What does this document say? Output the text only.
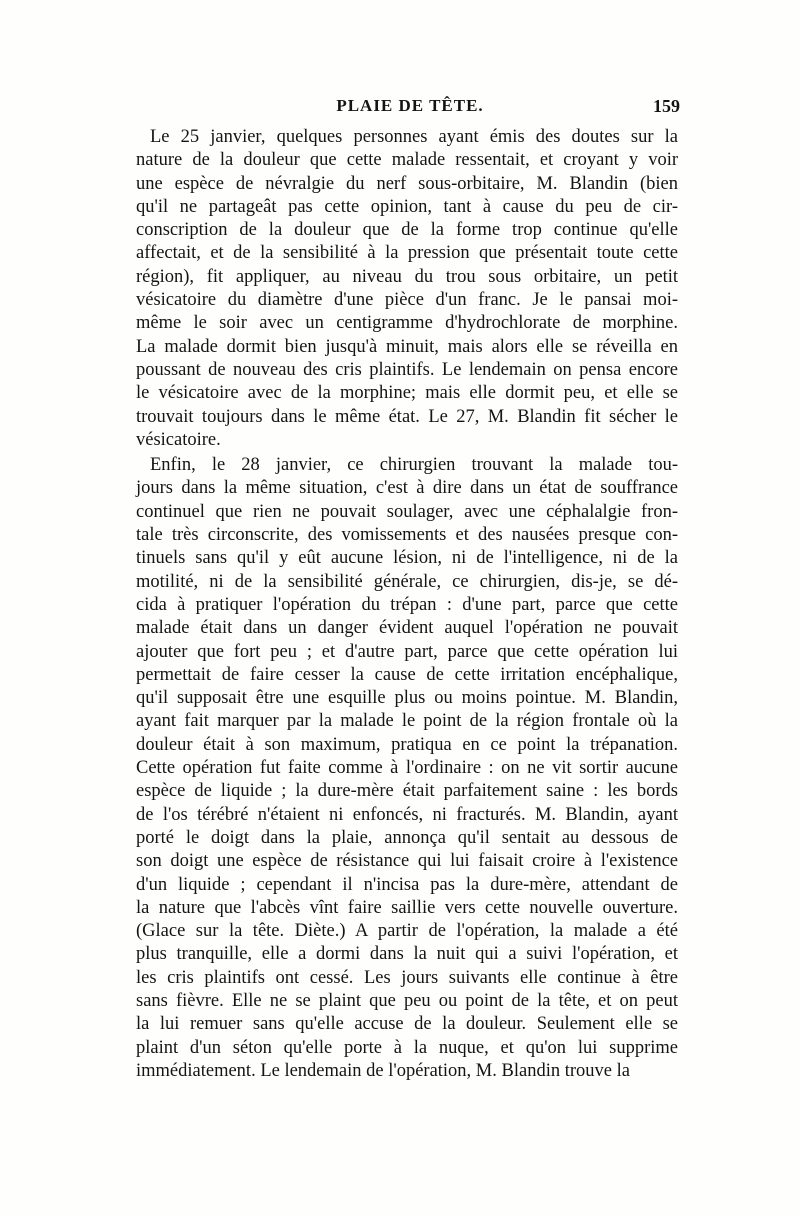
PLAIE DE TÊTE.	159
Le 25 janvier, quelques personnes ayant émis des doutes sur la
nature de la douleur que cette malade ressentait, et croyant y voir
une espèce de névralgie du nerf sous-orbitaire, M. Blandin (bien
qu'il ne partageât pas cette opinion, tant à cause du peu de cir-
conscription de la douleur que de la forme trop continue qu'elle
affectait, et de la sensibilité à la pression que présentait toute cette
région), fit appliquer, au niveau du trou sous orbitaire, un petit
vésicatoire du diamètre d'une pièce d'un franc. Je le pansai moi-
même le soir avec un centigramme d'hydrochlorate de morphine.
La malade dormit bien jusqu'à minuit, mais alors elle se réveilla en
poussant de nouveau des cris plaintifs. Le lendemain on pensa encore
le vésicatoire avec de la morphine; mais elle dormit peu, et elle se
trouvait toujours dans le même état. Le 27, M. Blandin fit sécher le
vésicatoire.
Enfin, le 28 janvier, ce chirurgien trouvant la malade tou-
jours dans la même situation, c'est à dire dans un état de souffrance
continuel que rien ne pouvait soulager, avec une céphalalgie fron-
tale très circonscrite, des vomissements et des nausées presque con-
tinuels sans qu'il y eût aucune lésion, ni de l'intelligence, ni de la
motilité, ni de la sensibilité générale, ce chirurgien, dis-je, se dé-
cida à pratiquer l'opération du trépan : d'une part, parce que cette
malade était dans un danger évident auquel l'opération ne pouvait
ajouter que fort peu ; et d'autre part, parce que cette opération lui
permettait de faire cesser la cause de cette irritation encéphalique,
qu'il supposait être une esquille plus ou moins pointue. M. Blandin,
ayant fait marquer par la malade le point de la région frontale où la
douleur était à son maximum, pratiqua en ce point la trépanation.
Cette opération fut faite comme à l'ordinaire : on ne vit sortir aucune
espèce de liquide ; la dure-mère était parfaitement saine : les bords
de l'os térébré n'étaient ni enfoncés, ni fracturés. M. Blandin, ayant
porté le doigt dans la plaie, annonça qu'il sentait au dessous de
son doigt une espèce de résistance qui lui faisait croire à l'existence
d'un liquide ; cependant il n'incisa pas la dure-mère, attendant de
la nature que l'abcès vînt faire saillie vers cette nouvelle ouverture.
(Glace sur la tête. Diète.) A partir de l'opération, la malade a été
plus tranquille, elle a dormi dans la nuit qui a suivi l'opération, et
les cris plaintifs ont cessé. Les jours suivants elle continue à être
sans fièvre. Elle ne se plaint que peu ou point de la tête, et on peut
la lui remuer sans qu'elle accuse de la douleur. Seulement elle se
plaint d'un séton qu'elle porte à la nuque, et qu'on lui supprime
immédiatement. Le lendemain de l'opération, M. Blandin trouve la
